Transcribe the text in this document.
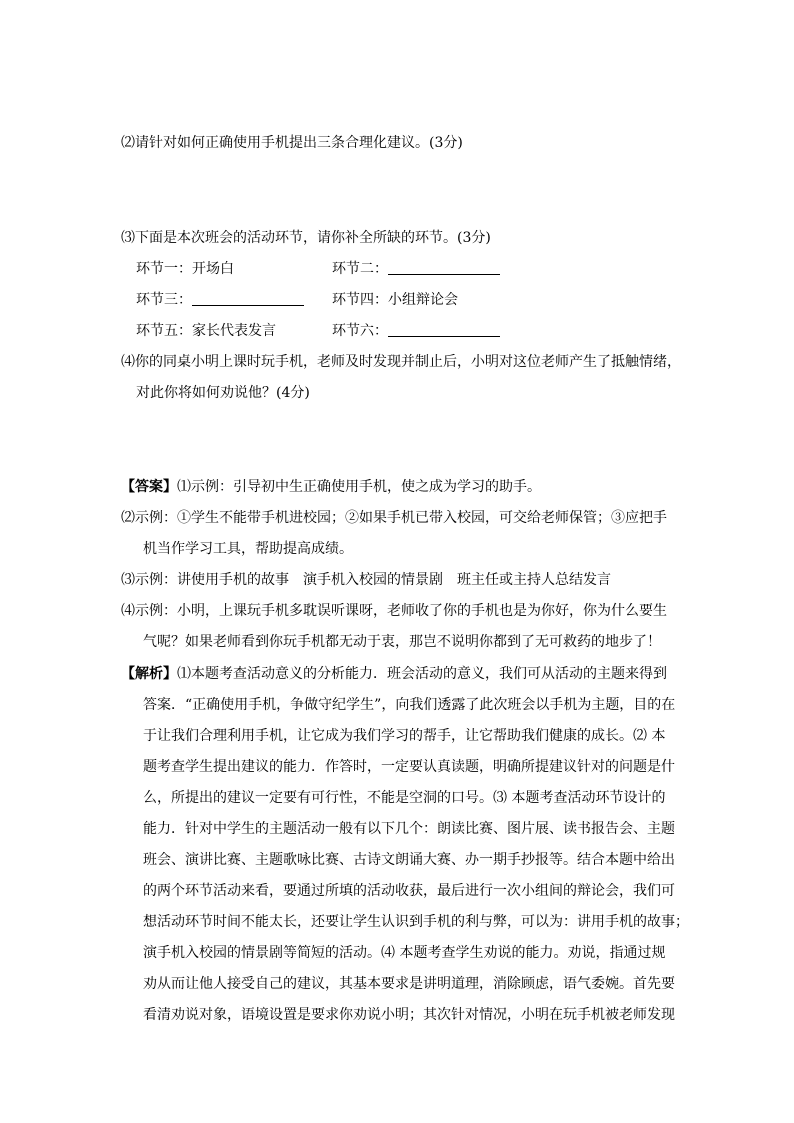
⑵请针对如何正确使用手机提出三条合理化建议。(3分)
⑶下面是本次班会的活动环节，请你补全所缺的环节。(3分)
环节一：开场白	环节二：
环节三：	环节四：小组辩论会
环节五：家长代表发言	环节六：
⑷你的同桌小明上课时玩手机，老师及时发现并制止后，小明对这位老师产生了抵触情绪，
对此你将如何劝说他？(4分)
【答案】⑴示例：引导初中生正确使用手机，使之成为学习的助手。
⑵示例：①学生不能带手机进校园；②如果手机已带入校园，可交给老师保管；③应把手
机当作学习工具，帮助提高成绩。
⑶示例：讲使用手机的故事　演手机入校园的情景剧　班主任或主持人总结发言
⑷示例：小明，上课玩手机多耽误听课呀，老师收了你的手机也是为你好，你为什么要生
气呢？如果老师看到你玩手机都无动于衷，那岂不说明你都到了无可救药的地步了！
【解析】⑴本题考查活动意义的分析能力．班会活动的意义，我们可从活动的主题来得到
答案．“正确使用手机，争做守纪学生”，向我们透露了此次班会以手机为主题，目的在
于让我们合理利用手机，让它成为我们学习的帮手，让它帮助我们健康的成长。⑵ 本
题考查学生提出建议的能力．作答时，一定要认真读题，明确所提建议针对的问题是什
么，所提出的建议一定要有可行性，不能是空洞的口号。⑶ 本题考查活动环节设计的
能力．针对中学生的主题活动一般有以下几个：朗读比赛、图片展、读书报告会、主题
班会、演讲比赛、主题歌咏比赛、古诗文朗诵大赛、办一期手抄报等。结合本题中给出
的两个环节活动来看，要通过所填的活动收获，最后进行一次小组间的辩论会，我们可
想活动环节时间不能太长，还要让学生认识到手机的利与弊，可以为：讲用手机的故事；
演手机入校园的情景剧等简短的活动。⑷ 本题考查学生劝说的能力。劝说，指通过规
劝从而让他人接受自己的建议，其基本要求是讲明道理，消除顾虑，语气委婉。首先要
看清劝说对象，语境设置是要求你劝说小明；其次针对情况，小明在玩手机被老师发现
